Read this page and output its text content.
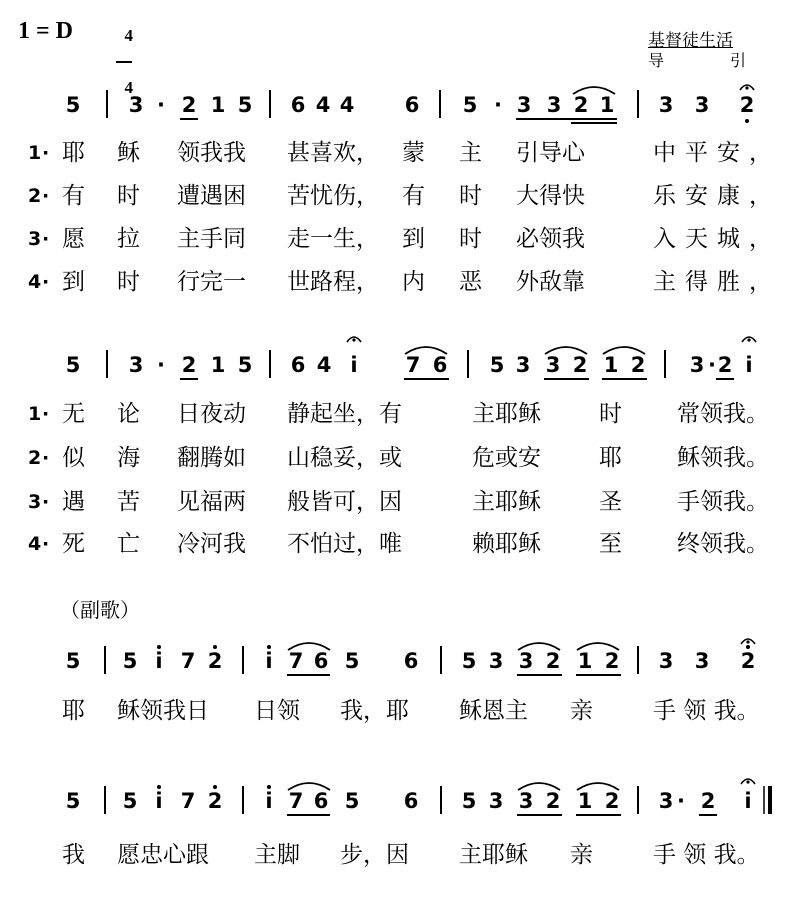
1 = D	4

4

基督徒生活
导	引
5 3 · 2 1 5 6 4 4 6 5 · 3 3 2 1 3 3 2
5 3 · 2 1 5 6 4 i 7 6 5 3 3 2 1 2 3 · 2 i
5 5 i 7 2 i 7 6 5 6 5 3 3 2 1 2 3 3 2
5 5 i 7 2 i 7 6 5 6 5 3 3 2 1 2 3 · 2 i
1 · 耶 稣 领我我 甚喜欢， 蒙 主 引导心	中平安，
2 · 有 时 遭遇困 苦忧伤， 有 时 大得快	乐安康，
3 · 愿 拉 主手同 走一生， 到 时 必领我	入天城，
4 · 到 时 行完一 世路程， 内 恶 外敌靠	主得胜，
1 · 无 论 日夜动 静起坐，有	主耶稣	时 常领我。
2 · 似 海 翻腾如 山稳妥，或	危或安	耶 稣领我。
3 · 遇 苦 见福两 般皆可，因	主耶稣	圣 手领我。
4 · 死 亡 冷河我 不怕过，唯	赖耶稣	至 终领我。
（副歌）
耶 稣领我日 日领 我，耶 稣恩主 亲	手 领 我。
我 愿忠心跟 主脚 步，因 主耶稣 亲	手 领 我。
